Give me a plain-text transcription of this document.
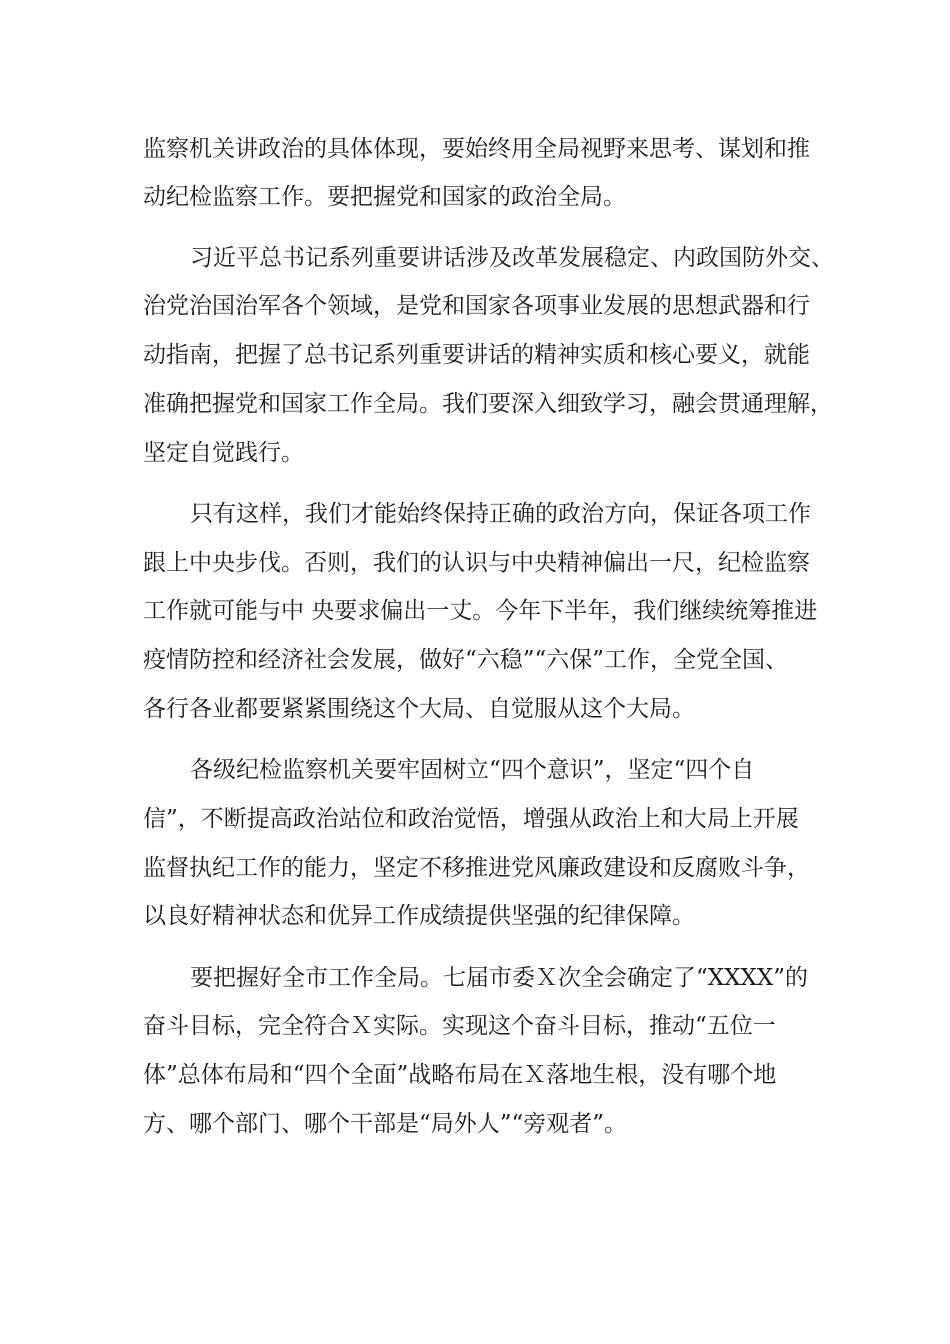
监察机关讲政治的具体体现，要始终用全局视野来思考、谋划和推

动纪检监察工作。要把握党和国家的政治全局。

习近平总书记系列重要讲话涉及改革发展稳定、内政国防外交、

治党治国治军各个领域，是党和国家各项事业发展的思想武器和行

动指南，把握了总书记系列重要讲话的精神实质和核心要义，就能

准确把握党和国家工作全局。我们要深入细致学习，融会贯通理解，

坚定自觉践行。

只有这样，我们才能始终保持正确的政治方向，保证各项工作

跟上中央步伐。否则，我们的认识与中央精神偏出一尺，纪检监察

工作就可能与中 央要求偏出一丈。今年下半年，我们继续统筹推进

疫情防控和经济社会发展，做好“六稳”“六保”工作，全党全国、

各行各业都要紧紧围绕这个大局、自觉服从这个大局。

各级纪检监察机关要牢固树立“四个意识”，坚定“四个自

信”，不断提高政治站位和政治觉悟，增强从政治上和大局上开展

监督执纪工作的能力，坚定不移推进党风廉政建设和反腐败斗争，

以良好精神状态和优异工作成绩提供坚强的纪律保障。

要把握好全市工作全局。七届市委Ｘ次全会确定了“XXXX”的

奋斗目标，完全符合Ｘ实际。实现这个奋斗目标，推动“五位一

体”总体布局和“四个全面”战略布局在Ｘ落地生根，没有哪个地

方、哪个部门、哪个干部是“局外人”“旁观者”。
